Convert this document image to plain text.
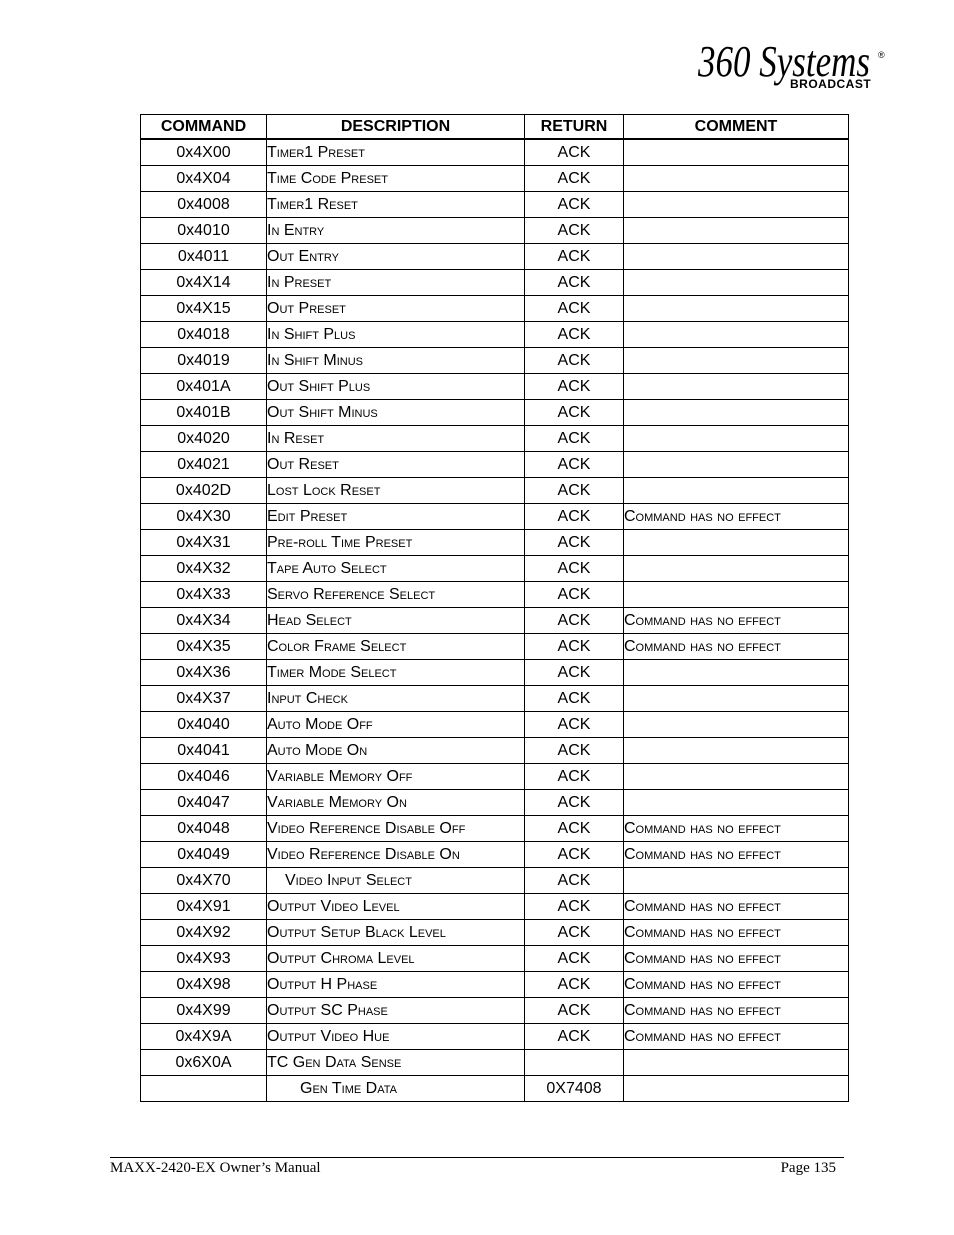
360 Systems
BROADCAST
®
COMMAND	DESCRIPTION	RETURN	COMMENT
0x4X00	Timer1 Preset	ACK	
0x4X04	Time Code Preset	ACK	
0x4008	Timer1 Reset	ACK	
0x4010	In Entry	ACK	
0x4011	Out Entry	ACK	
0x4X14	In Preset	ACK	
0x4X15	Out Preset	ACK	
0x4018	In Shift Plus	ACK	
0x4019	In Shift Minus	ACK	
0x401A	Out Shift Plus	ACK	
0x401B	Out Shift Minus	ACK	
0x4020	In Reset	ACK	
0x4021	Out Reset	ACK	
0x402D	Lost Lock Reset	ACK	
0x4X30	Edit Preset	ACK	Command has no effect
0x4X31	Pre-roll Time Preset	ACK	
0x4X32	Tape Auto Select	ACK	
0x4X33	Servo Reference Select	ACK	
0x4X34	Head Select	ACK	Command has no effect
0x4X35	Color Frame Select	ACK	Command has no effect
0x4X36	Timer Mode Select	ACK	
0x4X37	Input Check	ACK	
0x4040	Auto Mode Off	ACK	
0x4041	Auto Mode On	ACK	
0x4046	Variable Memory Off	ACK	
0x4047	Variable Memory On	ACK	
0x4048	Video Reference Disable Off	ACK	Command has no effect
0x4049	Video Reference Disable On	ACK	Command has no effect
0x4X70	Video Input Select	ACK	
0x4X91	Output Video Level	ACK	Command has no effect
0x4X92	Output Setup Black Level	ACK	Command has no effect
0x4X93	Output Chroma Level	ACK	Command has no effect
0x4X98	Output H Phase	ACK	Command has no effect
0x4X99	Output SC Phase	ACK	Command has no effect
0x4X9A	Output Video Hue	ACK	Command has no effect
0x6X0A	TC Gen Data Sense		
	Gen Time Data	0X7408	
MAXX-2420-EX Owner’s Manual	Page 135
